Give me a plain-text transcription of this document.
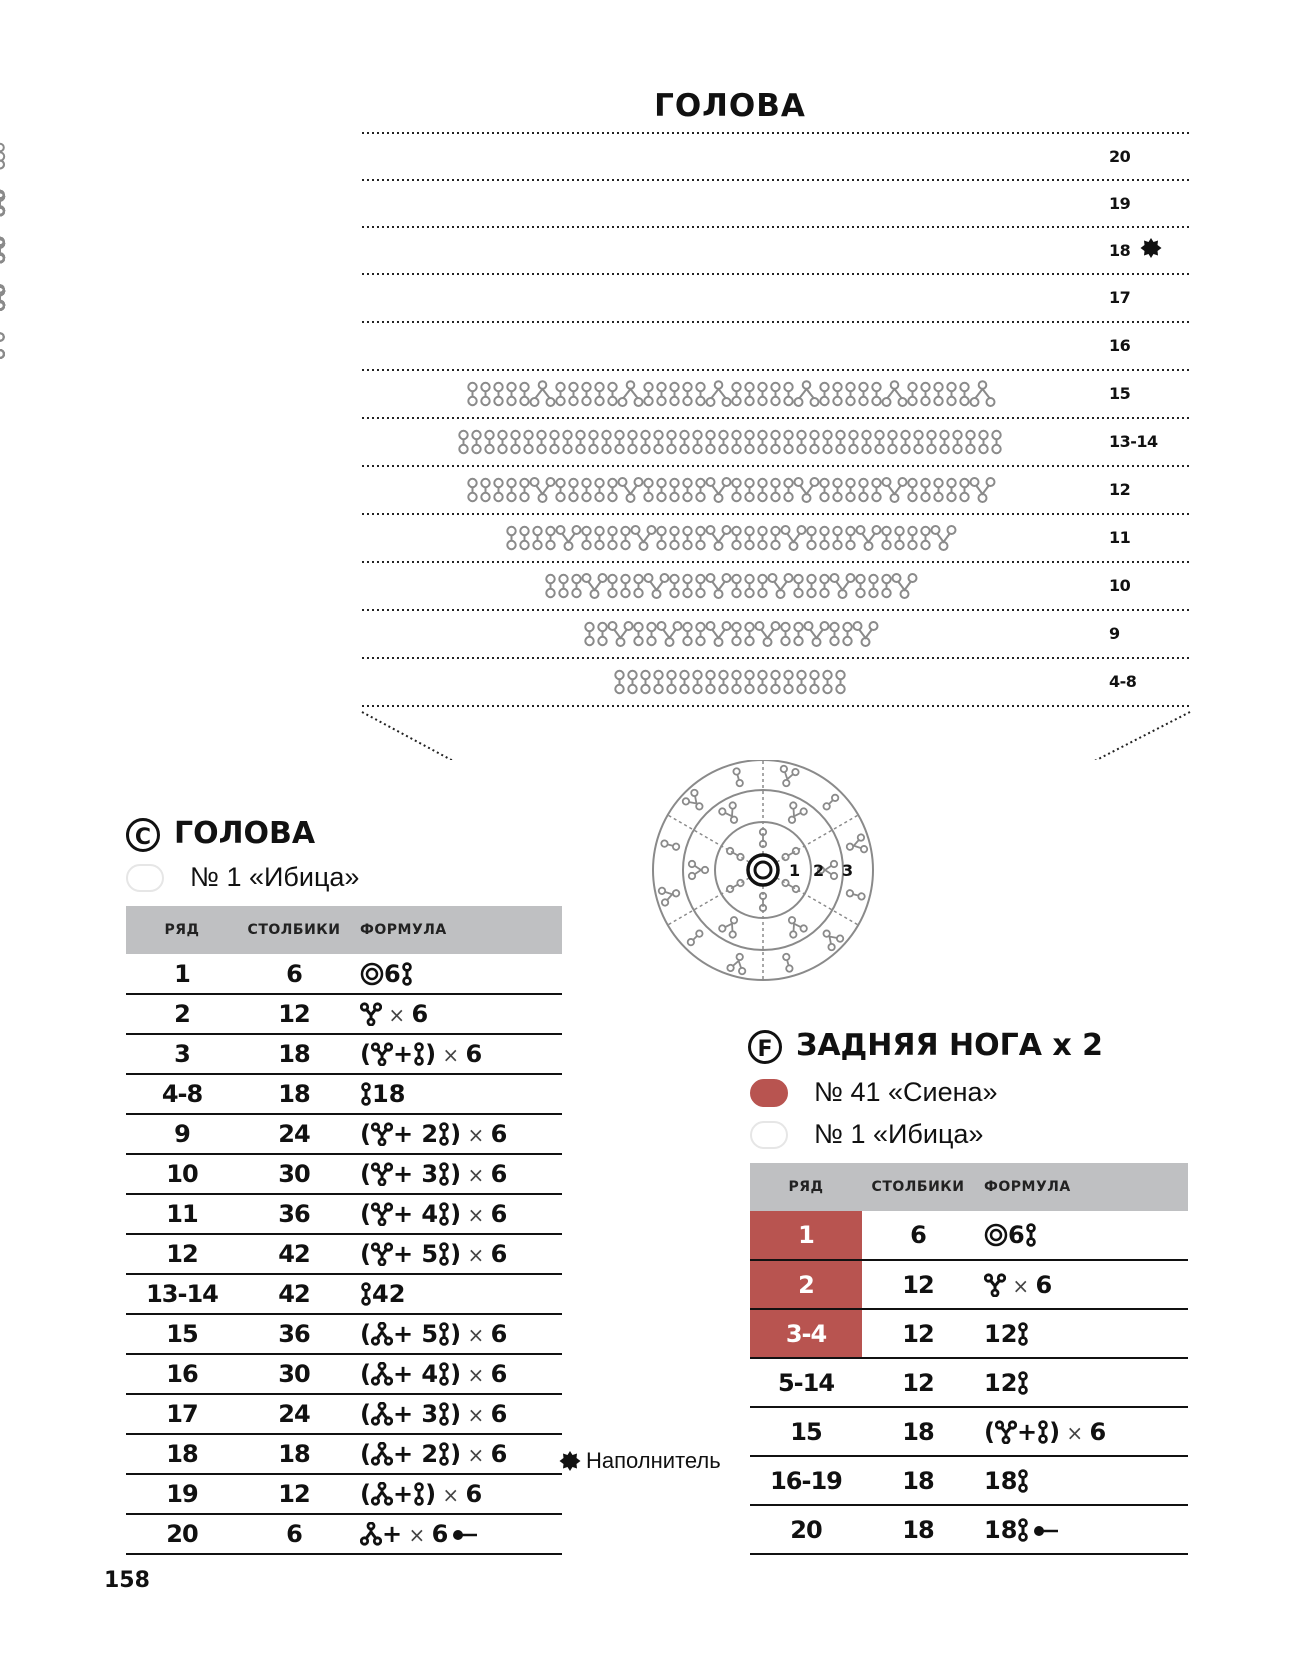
ГОЛОВА
20
19
18
17
16
15
13-14
12
11
10
9
4-8
1 2 3
C ГОЛОВА
№ 1 «Ибица»
РЯД	СТОЛБИКИ	ФОРМУЛА
1	6	6
2	12	× 6
3	18	( + ) × 6
4-8	18	18
9	24	( + 2 ) × 6
10	30	( + 3 ) × 6
11	36	( + 4 ) × 6
12	42	( + 5 ) × 6
13-14	42	42
15	36	( + 5 ) × 6
16	30	( + 4 ) × 6
17	24	( + 3 ) × 6
18	18	( + 2 ) × 6
19	12	( + ) × 6
20	6	+ × 6
Наполнитель
F ЗАДНЯЯ НОГА х 2
№ 41 «Сиена»
№ 1 «Ибица»
РЯД	СТОЛБИКИ	ФОРМУЛА
1	6	6
2	12	× 6
3-4	12	12
5-14	12	12
15	18	( + ) × 6
16-19	18	18
20	18	18
158
